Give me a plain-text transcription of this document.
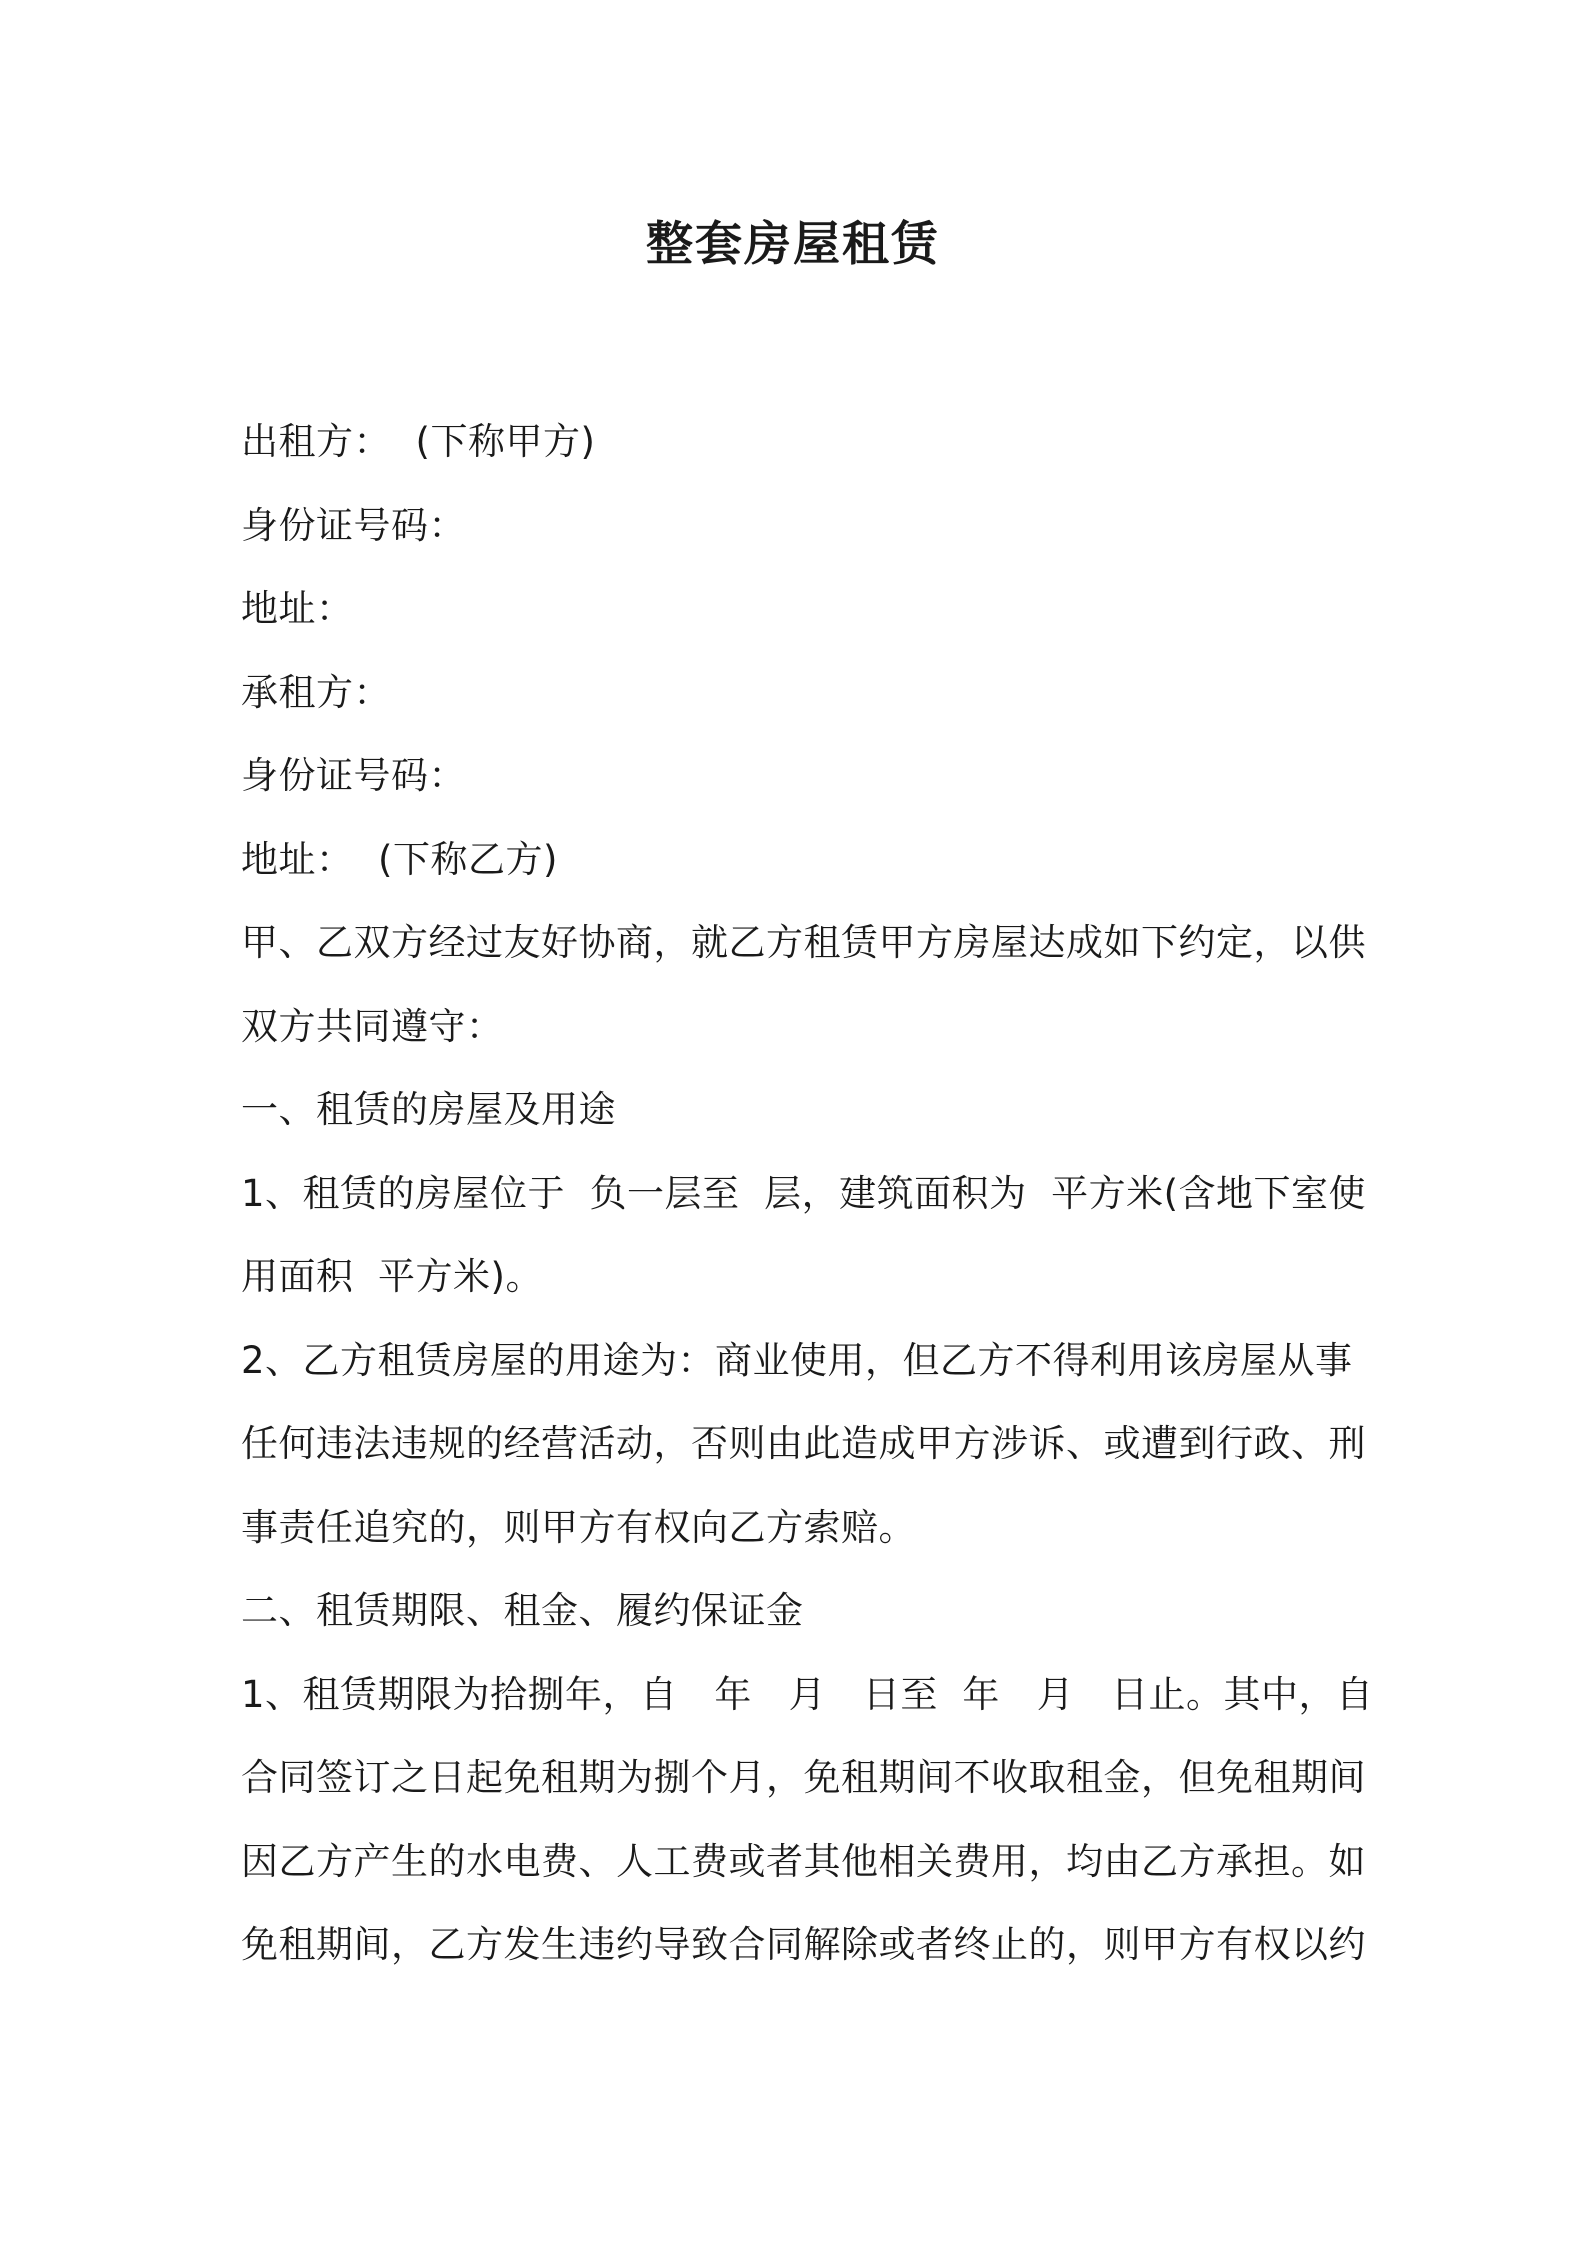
整套房屋租赁
出租方：  (下称甲方)
身份证号码：
地址：
承租方：
身份证号码：
地址：  (下称乙方)
甲、乙双方经过友好协商，就乙方租赁甲方房屋达成如下约定，以供
双方共同遵守：
一、租赁的房屋及用途
1、租赁的房屋位于  负一层至  层，建筑面积为  平方米(含地下室使
用面积  平方米)。
2、乙方租赁房屋的用途为：商业使用，但乙方不得利用该房屋从事
任何违法违规的经营活动，否则由此造成甲方涉诉、或遭到行政、刑
事责任追究的，则甲方有权向乙方索赔。
二、租赁期限、租金、履约保证金
1、租赁期限为拾捌年，自   年   月   日至  年   月   日止。其中，自
合同签订之日起免租期为捌个月，免租期间不收取租金，但免租期间
因乙方产生的水电费、人工费或者其他相关费用，均由乙方承担。如
免租期间，乙方发生违约导致合同解除或者终止的，则甲方有权以约
